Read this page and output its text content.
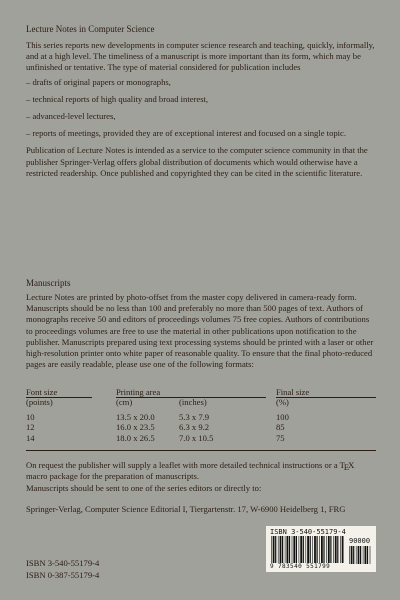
Lecture Notes in Computer Science

This series reports new developments in computer science research and teaching, quickly, informally, and at a high level. The timeliness of a manuscript is more important than its form, which may be unfinished or tentative. The type of material considered for publication includes

– drafts of original papers or monographs,

– technical reports of high quality and broad interest,

– advanced-level lectures,

– reports of meetings, provided they are of exceptional interest and focused on a single topic.

Publication of Lecture Notes is intended as a service to the computer science community in that the publisher Springer-Verlag offers global distribution of documents which would otherwise have a restricted readership. Once published and copyrighted they can be cited in the scientific literature.

Manuscripts

Lecture Notes are printed by photo-offset from the master copy delivered in camera-ready form. Manuscripts should be no less than 100 and preferably no more than 500 pages of text. Authors of monographs receive 50 and editors of proceedings volumes 75 free copies. Authors of contributions to proceedings volumes are free to use the material in other publications upon notification to the publisher. Manuscripts prepared using text processing systems should be printed with a laser or other high-resolution printer onto white paper of reasonable quality. To ensure that the final photo-reduced pages are easily readable, please use one of the following formats:

Font size	Printing area	Final size
(points)	(cm)	(inches)	(%)
10	13.5 x 20.0	5.3 x 7.9	100
12	16.0 x 23.5	6.3 x 9.2	85
14	18.0 x 26.5	7.0 x 10.5	75

On request the publisher will supply a leaflet with more detailed technical instructions or a TEX macro package for the preparation of manuscripts.

Manuscripts should be sent to one of the series editors or directly to:

Springer-Verlag, Computer Science Editorial I, Tiergartenstr. 17, W-6900 Heidelberg 1, FRG

ISBN 3-540-55179-4
ISBN 0-387-55179-4
ISBN 3-540-55179-4
90000
9 783540 551799
